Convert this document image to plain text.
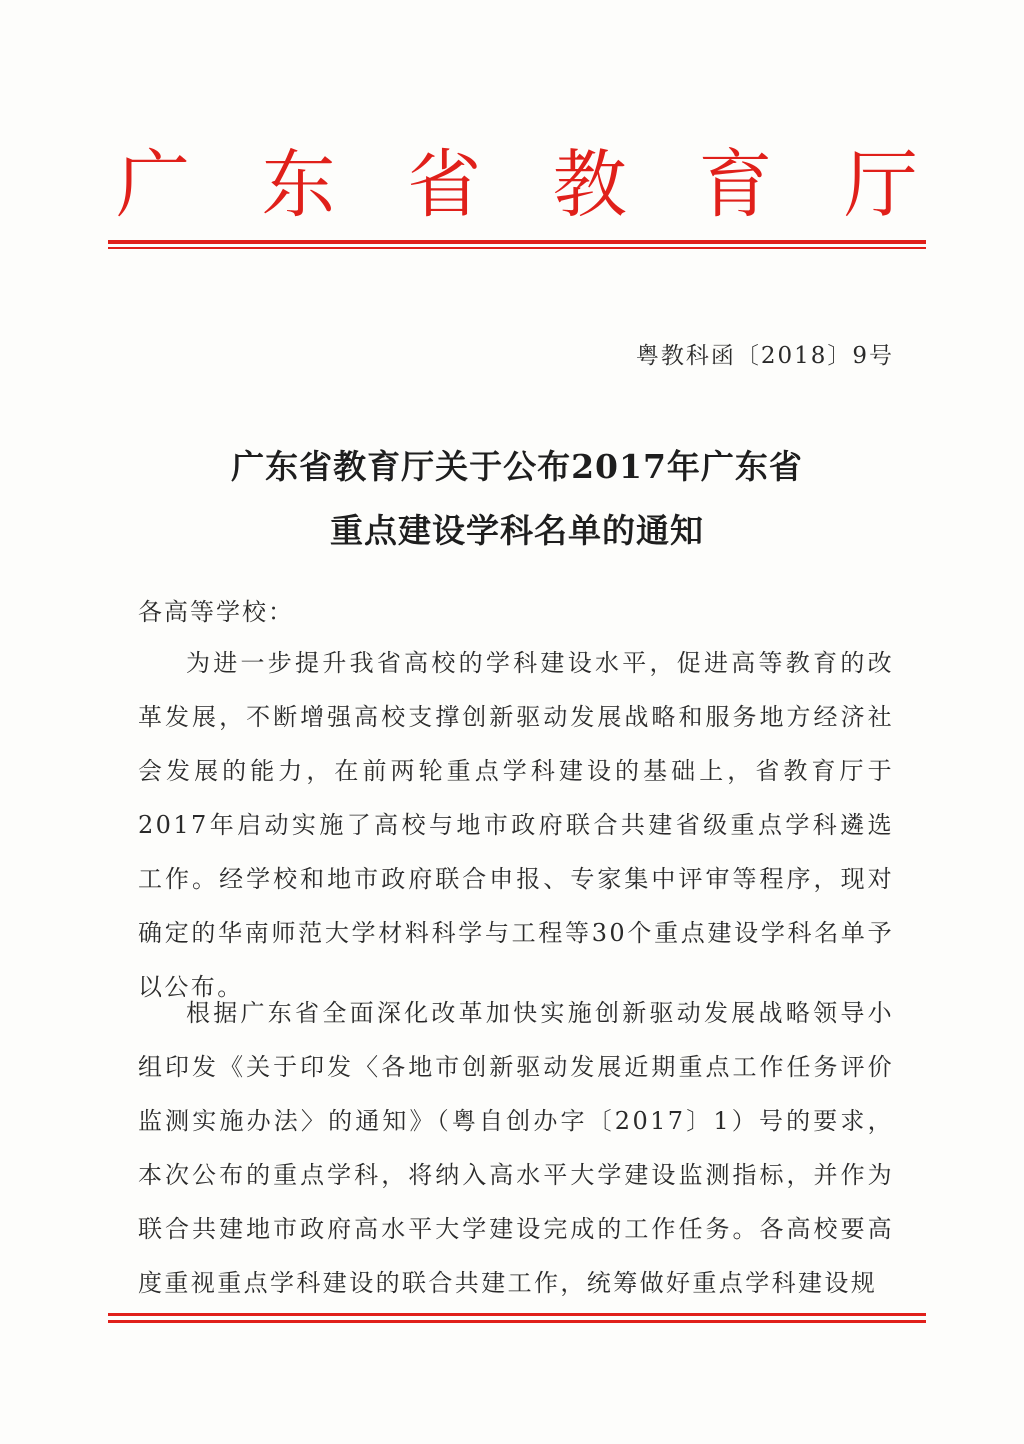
广 东 省 教 育 厅
粤教科函〔2018〕9号
广东省教育厅关于公布2017年广东省
重点建设学科名单的通知
各高等学校：

为进一步提升我省高校的学科建设水平，促进高等教育的改革发展，不断增强高校支撑创新驱动发展战略和服务地方经济社会发展的能力，在前两轮重点学科建设的基础上，省教育厅于2017年启动实施了高校与地市政府联合共建省级重点学科遴选工作。经学校和地市政府联合申报、专家集中评审等程序，现对确定的华南师范大学材料科学与工程等30个重点建设学科名单予以公布。

根据广东省全面深化改革加快实施创新驱动发展战略领导小组印发《关于印发〈各地市创新驱动发展近期重点工作任务评价监测实施办法〉的通知》（粤自创办字〔2017〕1）号的要求，本次公布的重点学科，将纳入高水平大学建设监测指标，并作为联合共建地市政府高水平大学建设完成的工作任务。各高校要高度重视重点学科建设的联合共建工作，统筹做好重点学科建设规
